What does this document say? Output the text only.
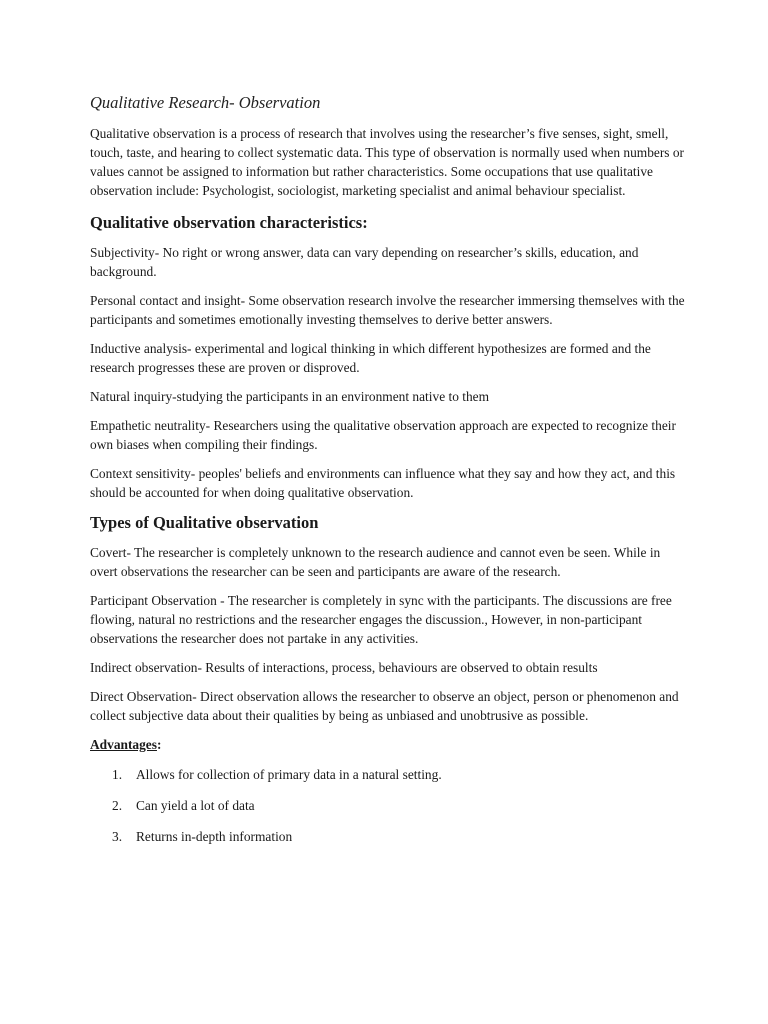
Qualitative Research- Observation

Qualitative observation is a process of research that involves using the researcher’s five senses, sight, smell, touch, taste, and hearing to collect systematic data. This type of observation is normally used when numbers or values cannot be assigned to information but rather characteristics. Some occupations that use qualitative observation include: Psychologist, sociologist, marketing specialist and animal behaviour specialist.

Qualitative observation characteristics:

Subjectivity- No right or wrong answer, data can vary depending on researcher’s skills, education, and background.

Personal contact and insight- Some observation research involve the researcher immersing themselves with the participants and sometimes emotionally investing themselves to derive better answers.

Inductive analysis- experimental and logical thinking in which different hypothesizes are formed and the research progresses these are proven or disproved.

Natural inquiry-studying the participants in an environment native to them

Empathetic neutrality- Researchers using the qualitative observation approach are expected to recognize their own biases when compiling their findings.

Context sensitivity- peoples' beliefs and environments can influence what they say and how they act, and this should be accounted for when doing qualitative observation.

Types of Qualitative observation

Covert- The researcher is completely unknown to the research audience and cannot even be seen. While in overt observations the researcher can be seen and participants are aware of the research.

Participant Observation - The researcher is completely in sync with the participants. The discussions are free flowing, natural no restrictions and the researcher engages the discussion., However, in non-participant observations the researcher does not partake in any activities.

Indirect observation- Results of interactions, process, behaviours are observed to obtain results

Direct Observation- Direct observation allows the researcher to observe an object, person or phenomenon and collect subjective data about their qualities by being as unbiased and unobtrusive as possible.

Advantages:
1. Allows for collection of primary data in a natural setting.
2. Can yield a lot of data
3. Returns in-depth information
